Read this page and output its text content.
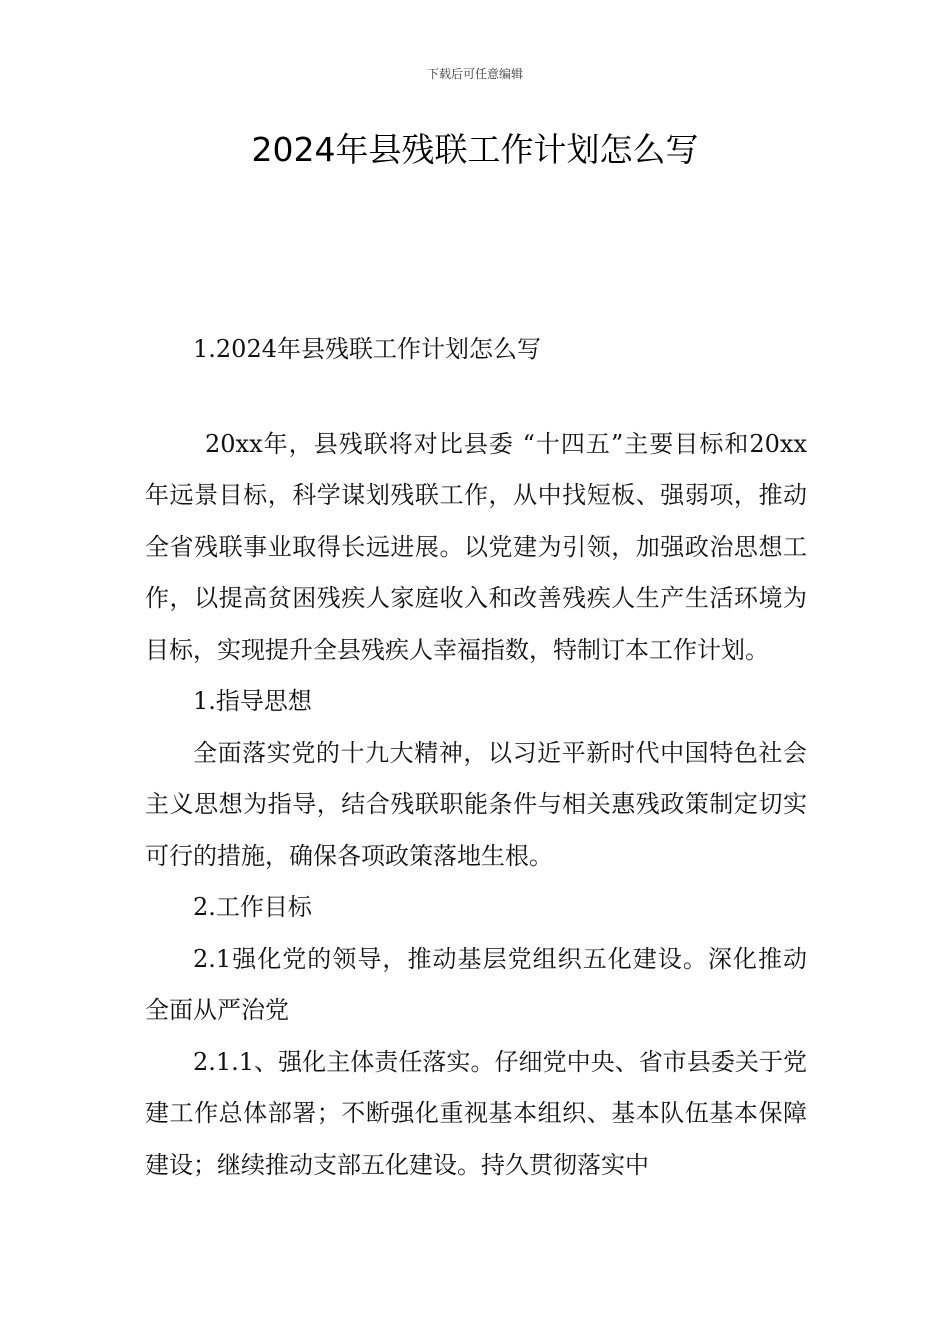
下载后可任意编辑
2024年县残联工作计划怎么写

1.2024年县残联工作计划怎么写

20xx年，县残联将对比县委 “十四五”主要目标和20xx年远景目标，科学谋划残联工作，从中找短板、强弱项，推动全省残联事业取得长远进展。以党建为引领，加强政治思想工作，以提高贫困残疾人家庭收入和改善残疾人生产生活环境为目标，实现提升全县残疾人幸福指数，特制订本工作计划。

1.指导思想

全面落实党的十九大精神，以习近平新时代中国特色社会主义思想为指导，结合残联职能条件与相关惠残政策制定切实可行的措施，确保各项政策落地生根。

2.工作目标

2.1强化党的领导，推动基层党组织五化建设。深化推动全面从严治党

2.1.1、强化主体责任落实。仔细党中央、省市县委关于党建工作总体部署；不断强化重视基本组织、基本队伍基本保障建设；继续推动支部五化建设。持久贯彻落实中
